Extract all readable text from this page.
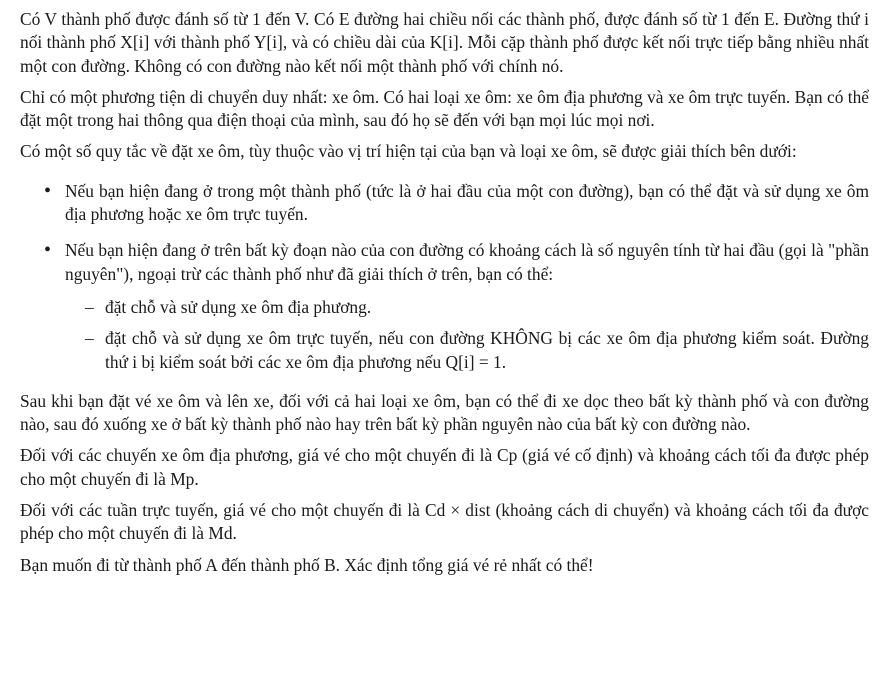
Có V thành phố được đánh số từ 1 đến V. Có E đường hai chiều nối các thành phố, được đánh số từ 1 đến E. Đường thứ i nối thành phố X[i] với thành phố Y[i], và có chiều dài của K[i]. Mỗi cặp thành phố được kết nối trực tiếp bằng nhiều nhất một con đường. Không có con đường nào kết nối một thành phố với chính nó.

Chỉ có một phương tiện di chuyển duy nhất: xe ôm. Có hai loại xe ôm: xe ôm địa phương và xe ôm trực tuyến. Bạn có thể đặt một trong hai thông qua điện thoại của mình, sau đó họ sẽ đến với bạn mọi lúc mọi nơi.

Có một số quy tắc về đặt xe ôm, tùy thuộc vào vị trí hiện tại của bạn và loại xe ôm, sẽ được giải thích bên dưới:

• Nếu bạn hiện đang ở trong một thành phố (tức là ở hai đầu của một con đường), bạn có thể đặt và sử dụng xe ôm địa phương hoặc xe ôm trực tuyến.
• Nếu bạn hiện đang ở trên bất kỳ đoạn nào của con đường có khoảng cách là số nguyên tính từ hai đầu (gọi là "phần nguyên"), ngoại trừ các thành phố như đã giải thích ở trên, bạn có thể:
– đặt chỗ và sử dụng xe ôm địa phương.
– đặt chỗ và sử dụng xe ôm trực tuyến, nếu con đường KHÔNG bị các xe ôm địa phương kiểm soát. Đường thứ i bị kiểm soát bởi các xe ôm địa phương nếu Q[i] = 1.

Sau khi bạn đặt vé xe ôm và lên xe, đối với cả hai loại xe ôm, bạn có thể đi xe dọc theo bất kỳ thành phố và con đường nào, sau đó xuống xe ở bất kỳ thành phố nào hay trên bất kỳ phần nguyên nào của bất kỳ con đường nào.

Đối với các chuyến xe ôm địa phương, giá vé cho một chuyến đi là Cp (giá vé cố định) và khoảng cách tối đa được phép cho một chuyến đi là Mp.

Đối với các tuần trực tuyến, giá vé cho một chuyến đi là Cd × dist (khoảng cách di chuyển) và khoảng cách tối đa được phép cho một chuyến đi là Md.

Bạn muốn đi từ thành phố A đến thành phố B. Xác định tổng giá vé rẻ nhất có thể!
